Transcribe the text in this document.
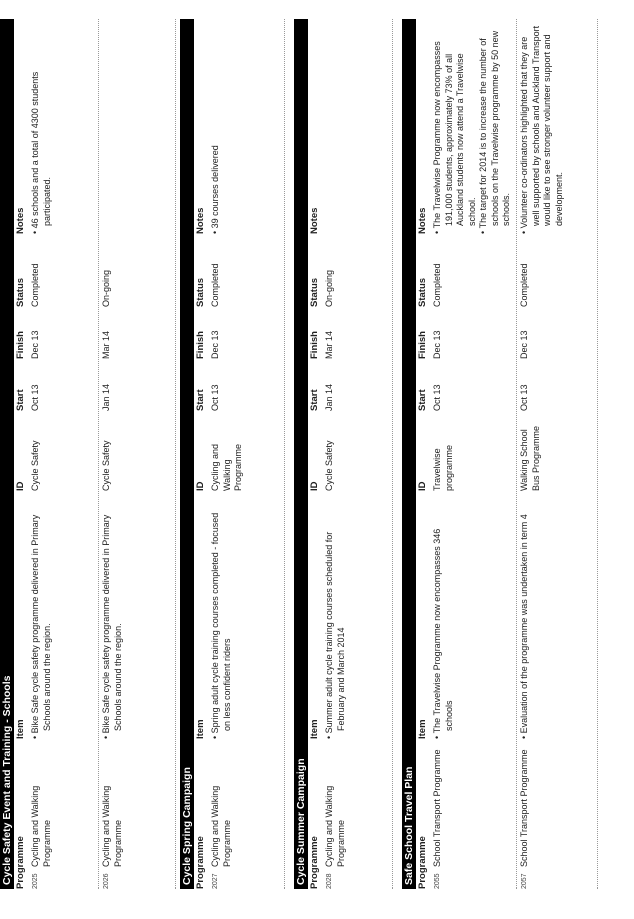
Cycle Safety Event and Training - Schools Programme
Item
ID
Start
Finish
Status
Notes
2025
Cycling and Walking Programme
• Bike Safe cycle safety programme delivered in Primary Schools around the region.
Cycle Safety
Oct 13
Dec 13
Completed
• 46 schools and a total of 4300 students participated.
2026
Cycling and Walking Programme
• Bike Safe cycle safety programme delivered in Primary Schools around the region.
Cycle Safety
Jan 14
Mar 14
On-going
Cycle Spring Campaign Programme
Item
ID
Start
Finish
Status
Notes
2027
Cycling and Walking Programme
• Spring adult cycle training courses completed - focused on less confident riders
Cycling and Walking Programme
Oct 13
Dec 13
Completed
• 39 courses delivered
Cycle Summer Campaign Programme
Item
ID
Start
Finish
Status
Notes
2028
Cycling and Walking Programme
• Summer adult cycle training courses scheduled for February and March 2014
Cycle Safety
Jan 14
Mar 14
On-going
Safe School Travel Plan Programme
Item
ID
Start
Finish
Status
Notes
2055
School Transport Programme
• The Travelwise Programme now encompasses 346 schools
Travelwise programme
Oct 13
Dec 13
Completed
• The Travelwise Programme now encompasses 191,000 students, approximately 73% of all Auckland students now attend a Travelwise school.
• The target for 2014 is to increase the number of schools on the Travelwise programme by 50 new schools.
2057
School Transport Programme
• Evaluation of the programme was undertaken in term 4
Walking School Bus Programme
Oct 13
Dec 13
Completed
• Volunteer co-ordinators highlighted that they are well supported by schools and Auckland Transport would like to see stronger volunteer support and development.
